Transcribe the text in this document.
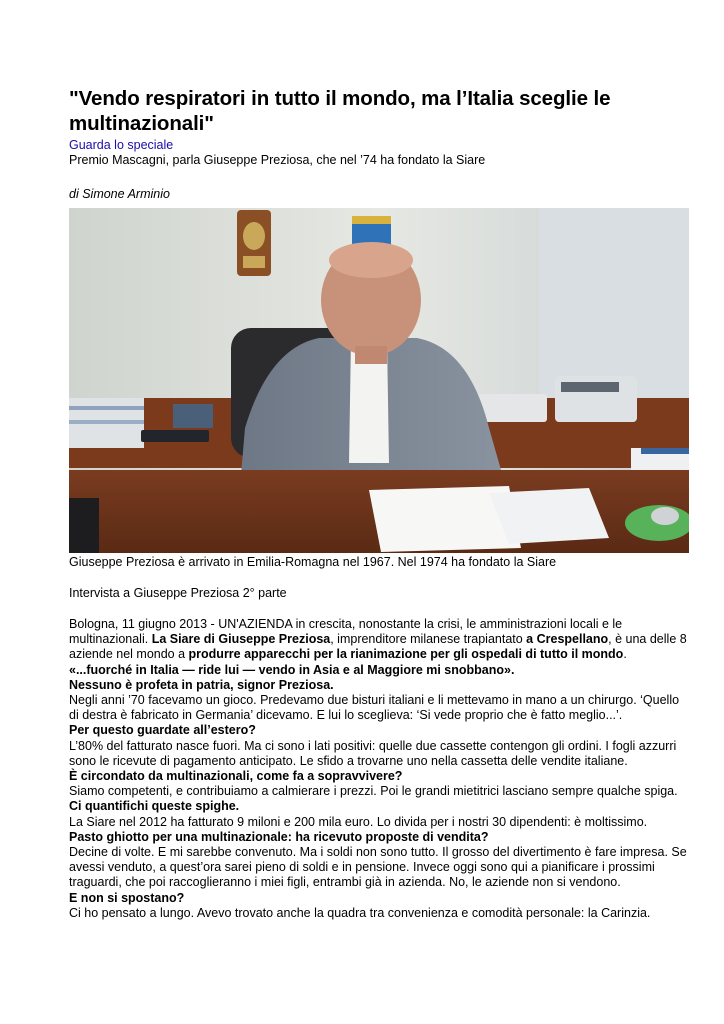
"Vendo respiratori in tutto il mondo, ma l’Italia sceglie le multinazionali"
Guarda lo speciale
Premio Mascagni, parla Giuseppe Preziosa, che nel ’74 ha fondato la Siare
di Simone Arminio
Giuseppe Preziosa è arrivato in Emilia-Romagna nel 1967. Nel 1974 ha fondato la Siare
Intervista a Giuseppe Preziosa 2° parte

Bologna, 11 giugno 2013 - UN'AZIENDA in crescita, nonostante la crisi, le amministrazioni locali e le multinazionali. La Siare di Giuseppe Preziosa, imprenditore milanese trapiantato a Crespellano, è una delle 8 aziende nel mondo a produrre apparecchi per la rianimazione per gli ospedali di tutto il mondo.
«...fuorché in Italia — ride lui — vendo in Asia e al Maggiore mi snobbano».

Nessuno è profeta in patria, signor Preziosa.

Negli anni ’70 facevamo un gioco. Predevamo due bisturi italiani e li mettevamo in mano a un chirurgo. ‘Quello di destra è fabricato in Germania’ dicevamo. E lui lo sceglieva: ‘Si vede proprio che è fatto meglio...’.

Per questo guardate all’estero?

L’80% del fatturato nasce fuori. Ma ci sono i lati positivi: quelle due cassette contengon gli ordini. I fogli azzurri sono le ricevute di pagamento anticipato. Le sfido a trovarne uno nella cassetta delle vendite italiane.

È circondato da multinazionali, come fa a sopravvivere?

Siamo competenti, e contribuiamo a calmierare i prezzi. Poi le grandi mietitrici lasciano sempre qualche spiga.

Ci quantifichi queste spighe.

La Siare nel 2012 ha fatturato 9 miloni e 200 mila euro. Lo divida per i nostri 30 dipendenti: è moltissimo.

Pasto ghiotto per una multinazionale: ha ricevuto proposte di vendita?

Decine di volte. E mi sarebbe convenuto. Ma i soldi non sono tutto. Il grosso del divertimento è fare impresa. Se avessi venduto, a quest’ora sarei pieno di soldi e in pensione. Invece oggi sono qui a pianificare i prossimi traguardi, che poi raccoglieranno i miei figli, entrambi già in azienda. No, le aziende non si vendono.

E non si spostano?

Ci ho pensato a lungo. Avevo trovato anche la quadra tra convenienza e comodità personale: la Carinzia.
